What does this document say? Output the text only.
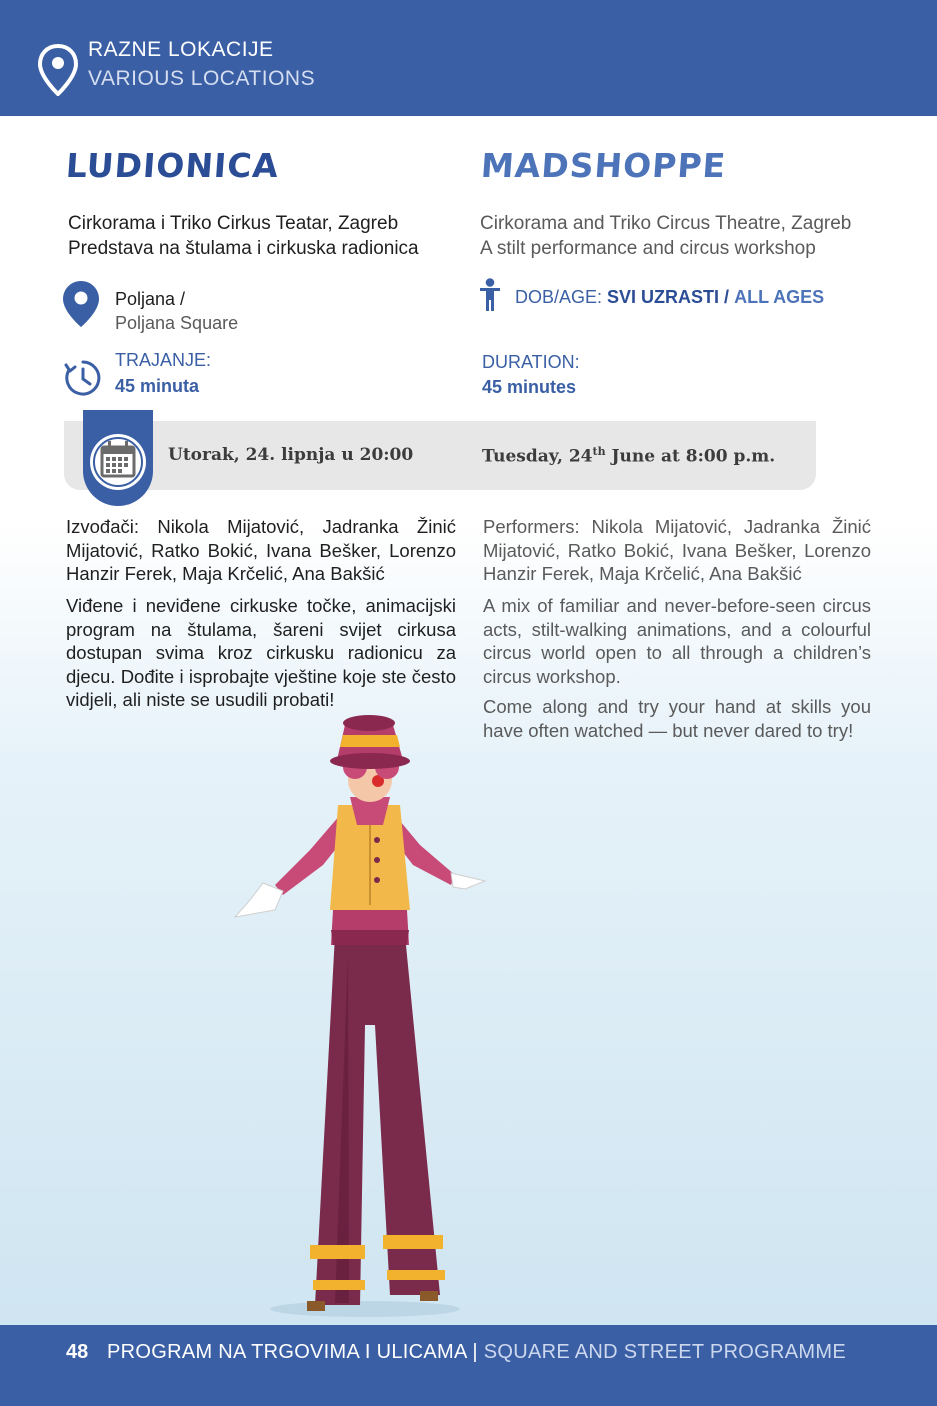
RAZNE LOKACIJE
VARIOUS LOCATIONS
LUDIONICA	MADSHOPPE
Cirkorama i Triko Cirkus Teatar, Zagreb
Predstava na štulama i cirkuska radionica
Cirkorama and Triko Circus Theatre, Zagreb
A stilt performance and circus workshop
Poljana /
Poljana Square
DOB/AGE: SVI UZRASTI / ALL AGES
TRAJANJE:
45 minuta
DURATION:
45 minutes
Utorak, 24. lipnja u 20:00	Tuesday, 24th June at 8:00 p.m.
Izvođači: Nikola Mijatović, Jadranka Žinić Mijatović, Ratko Bokić, Ivana Bešker, Lorenzo Hanzir Ferek, Maja Krčelić, Ana Bakšić
Viđene i neviđene cirkuske točke, animacijski program na štulama, šareni svijet cirkusa dostupan svima kroz cirkusku radionicu za djecu. Dođite i isprobajte vještine koje ste često vidjeli, ali niste se usudili probati!
Performers: Nikola Mijatović, Jadranka Žinić Mijatović, Ratko Bokić, Ivana Bešker, Lorenzo Hanzir Ferek, Maja Krčelić, Ana Bakšić
A mix of familiar and never-before-seen circus acts, stilt-walking animations, and a colourful circus world open to all through a children’s circus workshop.
Come along and try your hand at skills you have often watched — but never dared to try!
48 PROGRAM NA TRGOVIMA I ULICAMA | SQUARE AND STREET PROGRAMME
